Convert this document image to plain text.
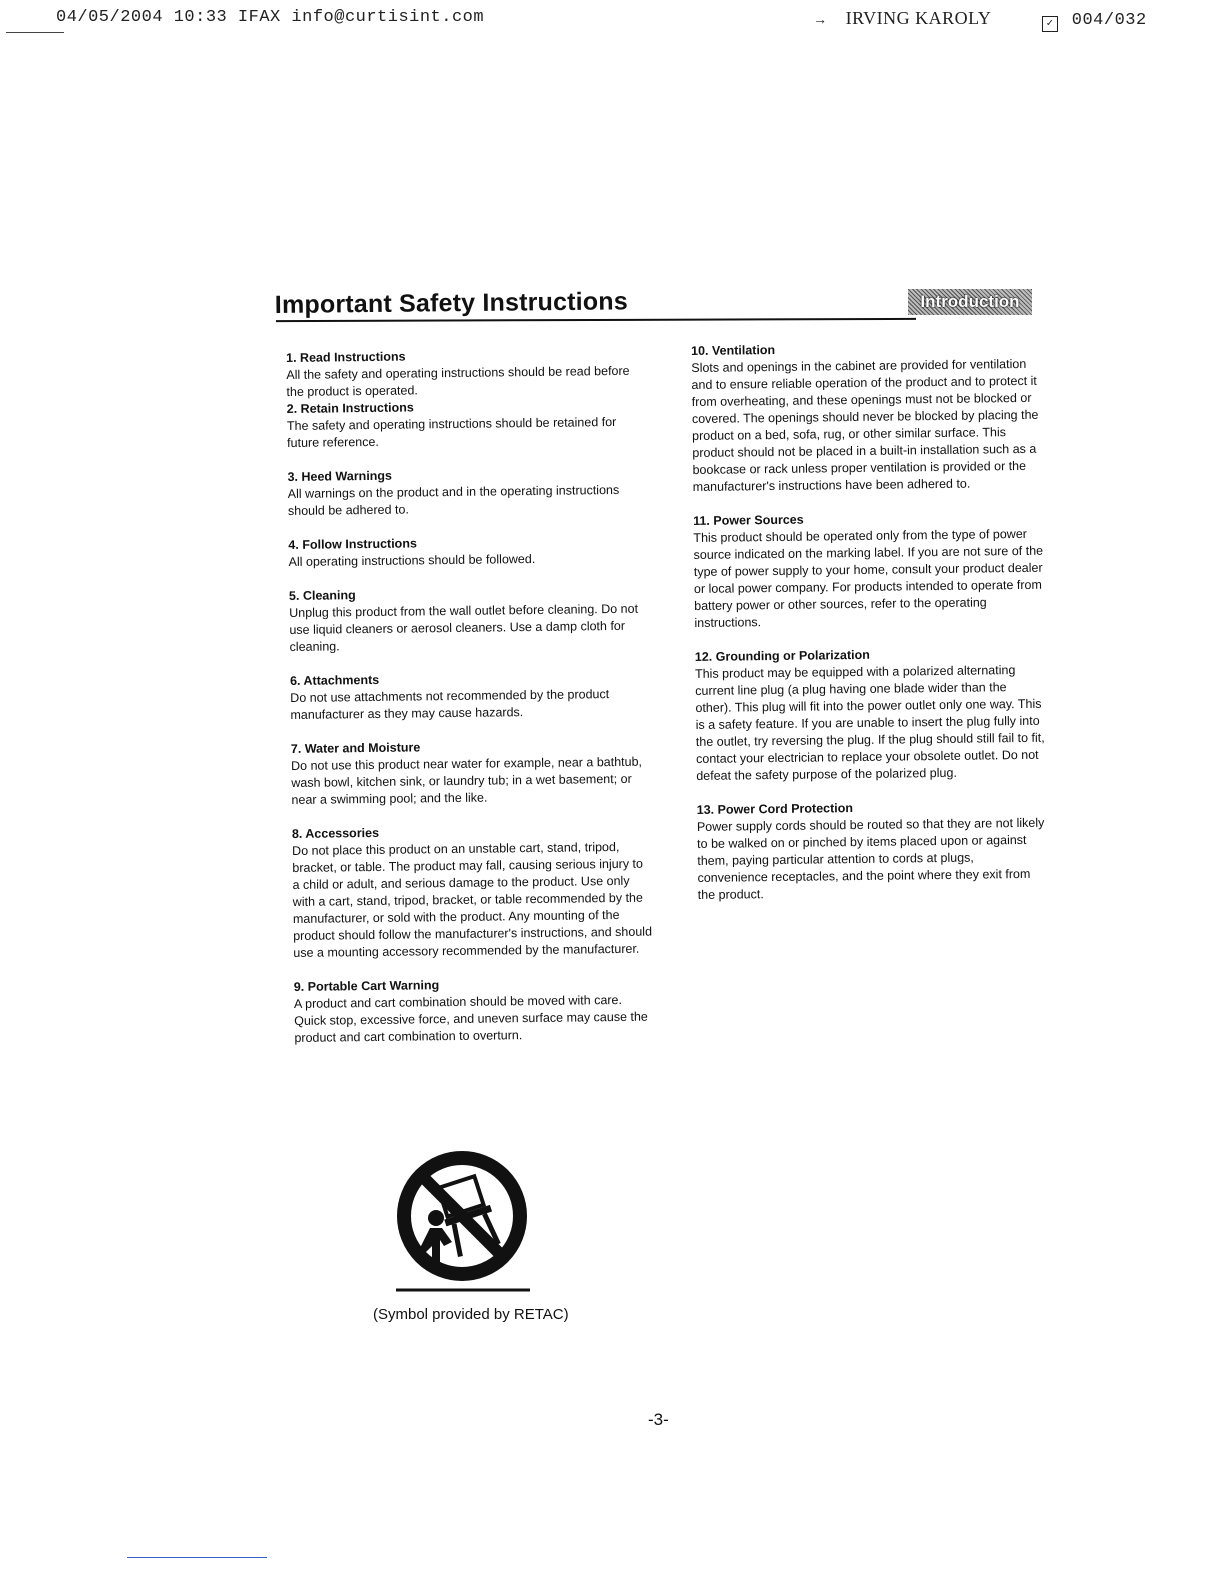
04/05/2004 10:33 IFAX info@curtisint.com	→ IRVING KAROLY	✓ 004/032
Important Safety Instructions	Introduction
1. Read Instructions

All the safety and operating instructions should be read before the product is operated.

2. Retain Instructions

The safety and operating instructions should be retained for future reference.

3. Heed Warnings

All warnings on the product and in the operating instructions should be adhered to.

4. Follow Instructions

All operating instructions should be followed.

5. Cleaning

Unplug this product from the wall outlet before cleaning. Do not use liquid cleaners or aerosol cleaners. Use a damp cloth for cleaning.

6. Attachments

Do not use attachments not recommended by the product manufacturer as they may cause hazards.

7. Water and Moisture

Do not use this product near water for example, near a bathtub, wash bowl, kitchen sink, or laundry tub; in a wet basement; or near a swimming pool; and the like.

8. Accessories

Do not place this product on an unstable cart, stand, tripod, bracket, or table. The product may fall, causing serious injury to a child or adult, and serious damage to the product. Use only with a cart, stand, tripod, bracket, or table recommended by the manufacturer, or sold with the product. Any mounting of the product should follow the manufacturer's instructions, and should use a mounting accessory recommended by the manufacturer.

9. Portable Cart Warning

A product and cart combination should be moved with care. Quick stop, excessive force, and uneven surface may cause the product and cart combination to overturn.

10. Ventilation

Slots and openings in the cabinet are provided for ventilation and to ensure reliable operation of the product and to protect it from overheating, and these openings must not be blocked or covered. The openings should never be blocked by placing the product on a bed, sofa, rug, or other similar surface. This product should not be placed in a built-in installation such as a bookcase or rack unless proper ventilation is provided or the manufacturer's instructions have been adhered to.

11. Power Sources

This product should be operated only from the type of power source indicated on the marking label. If you are not sure of the type of power supply to your home, consult your product dealer or local power company. For products intended to operate from battery power or other sources, refer to the operating instructions.

12. Grounding or Polarization

This product may be equipped with a polarized alternating current line plug (a plug having one blade wider than the other). This plug will fit into the power outlet only one way. This is a safety feature. If you are unable to insert the plug fully into the outlet, try reversing the plug. If the plug should still fail to fit, contact your electrician to replace your obsolete outlet. Do not defeat the safety purpose of the polarized plug.

13. Power Cord Protection

Power supply cords should be routed so that they are not likely to be walked on or pinched by items placed upon or against them, paying particular attention to cords at plugs, convenience receptacles, and the point where they exit from the product.

(Symbol provided by RETAC)
-3-
